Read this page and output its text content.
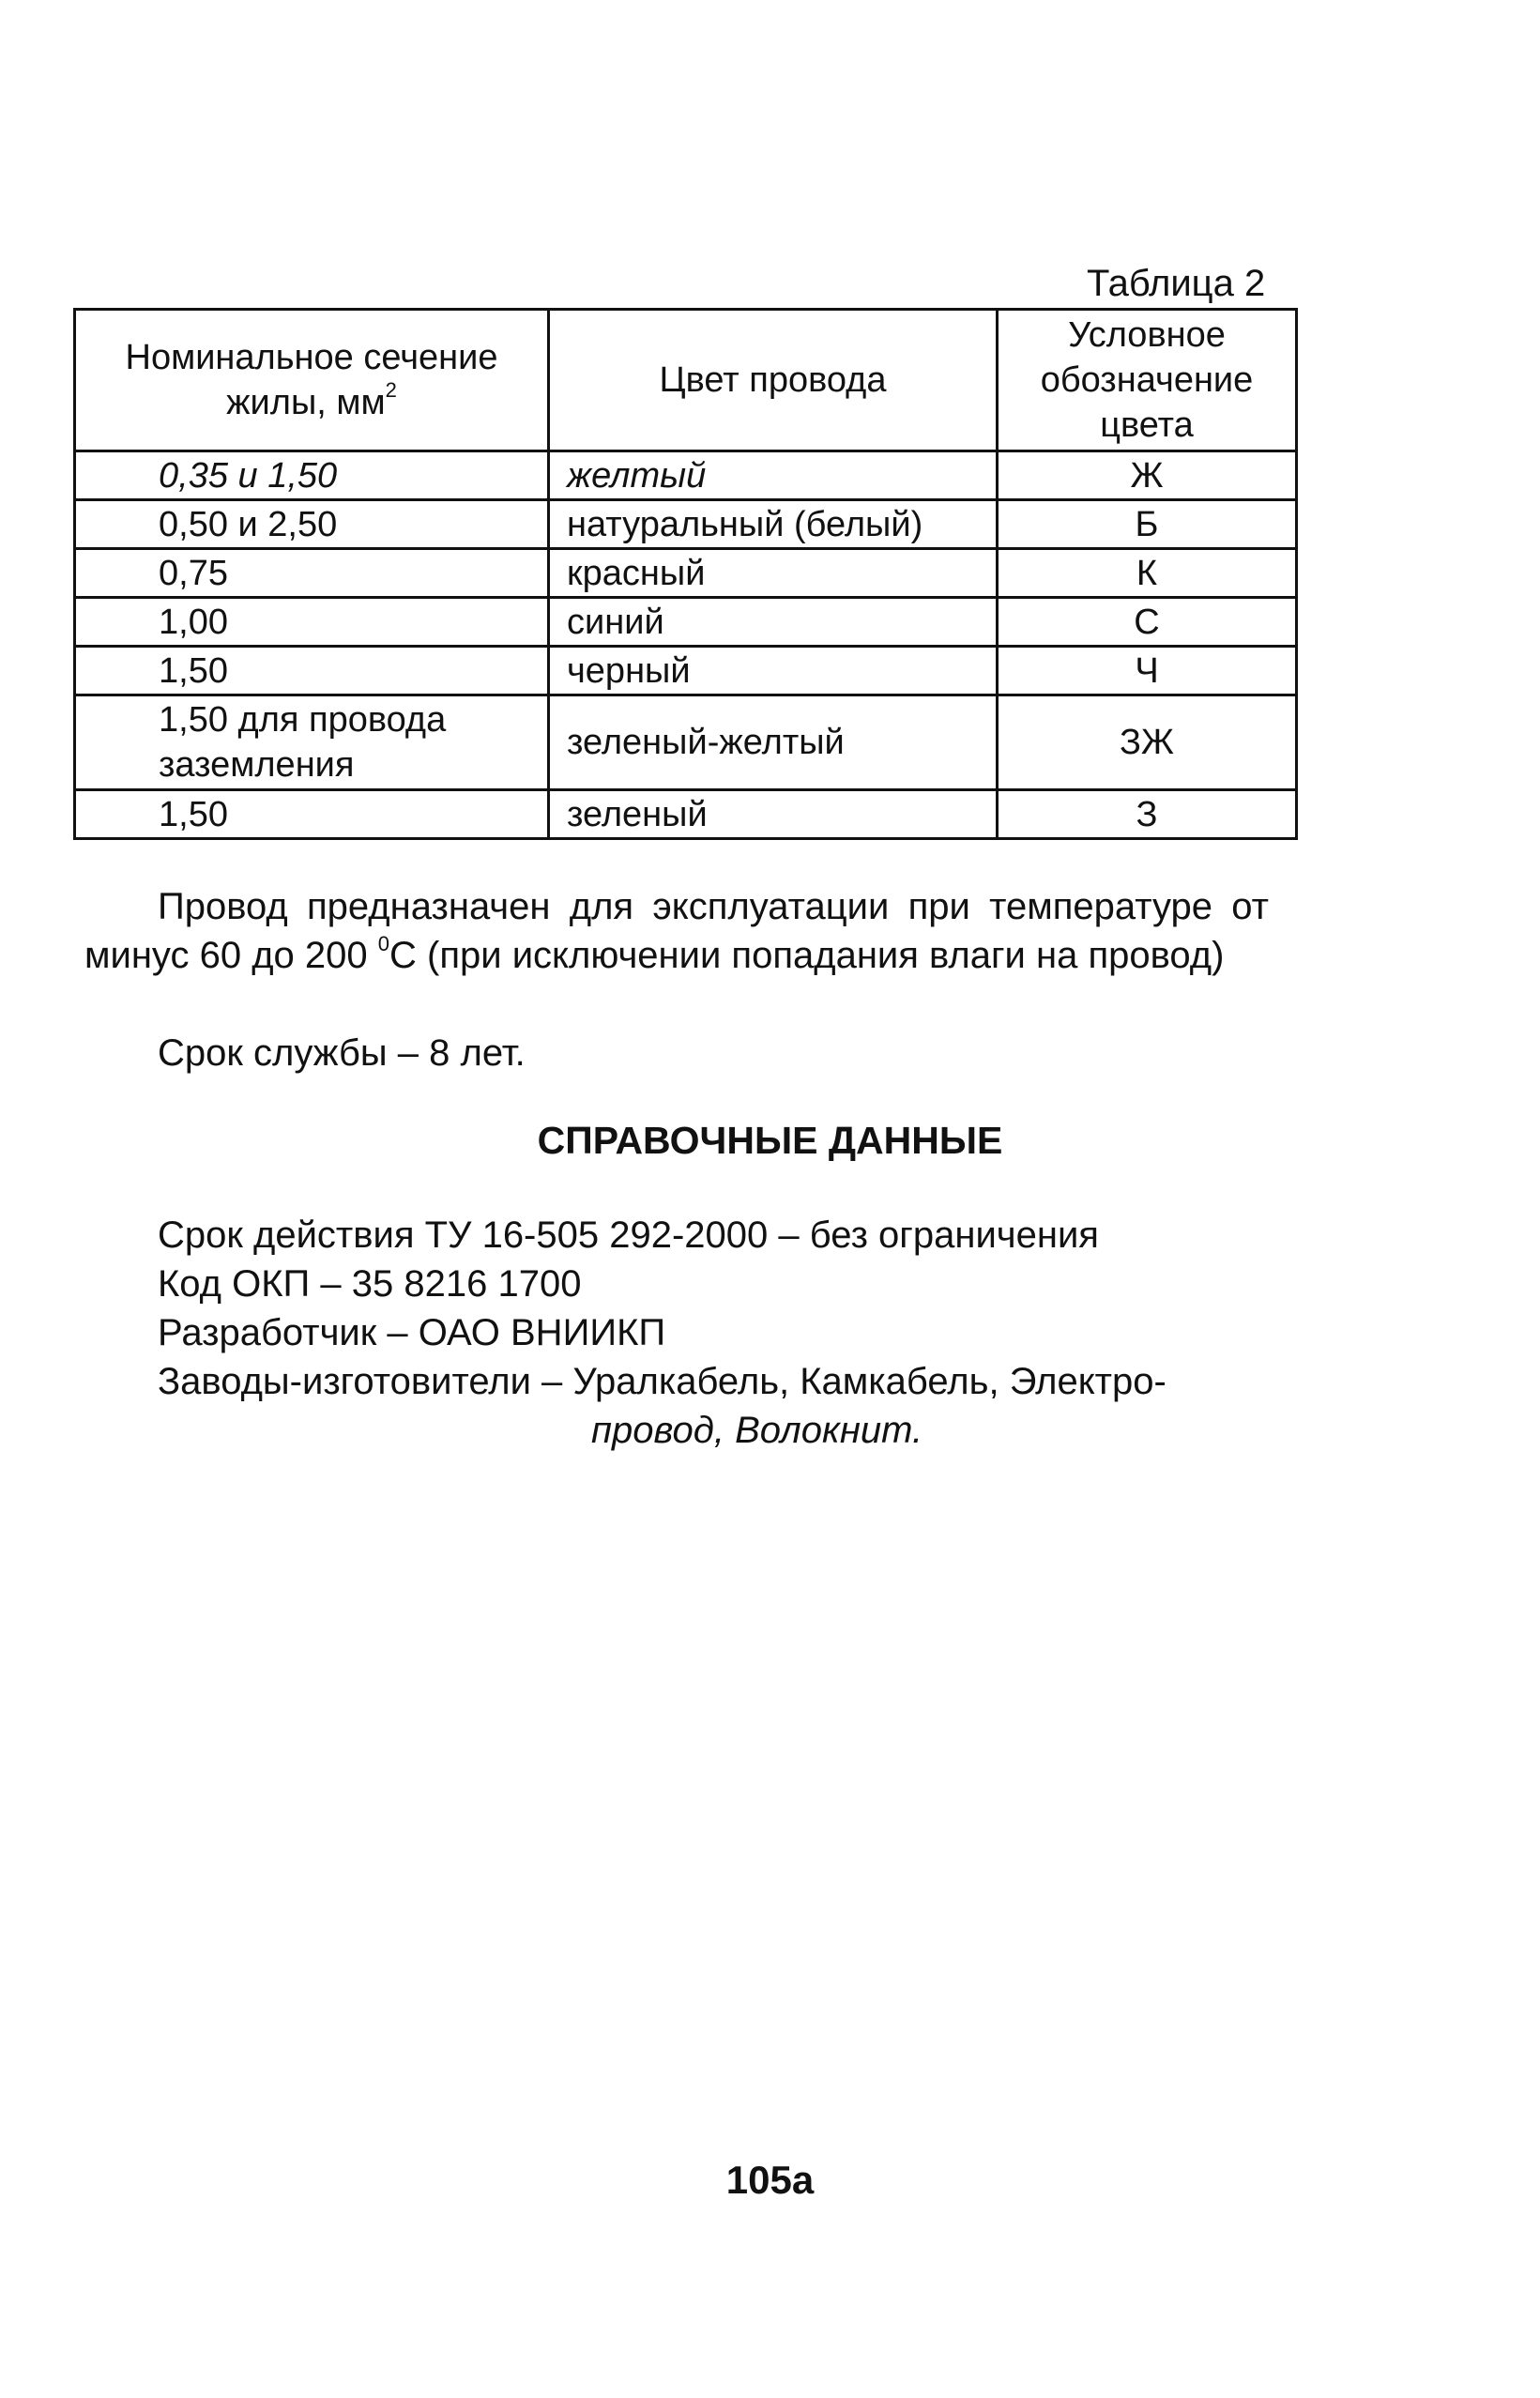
Таблица 2
Номинальное сечение жилы, $мм^2$	Цвет провода	Условное обозначение цвета
0,35 и 1,50	желтый	Ж
0,50 и 2,50	натуральный (белый)	Б
0,75	красный	К
1,00	синий	С
1,50	черный	Ч
1,50 для провода заземления	зеленый-желтый	ЗЖ
1,50	зеленый	З
Провод предназначен для эксплуатации при температуре от минус 60 до 200 $^0$С (при исключении попадания влаги на провод)
Срок службы – 8 лет.
СПРАВОЧНЫЕ ДАННЫЕ
Срок действия ТУ 16-505 292-2000 – без ограничения
Код ОКП – 35 8216 1700
Разработчик – ОАО ВНИИКП
Заводы-изготовители – Уралкабель, Камкабель, Электро-
провод, Волокнит.
105а
